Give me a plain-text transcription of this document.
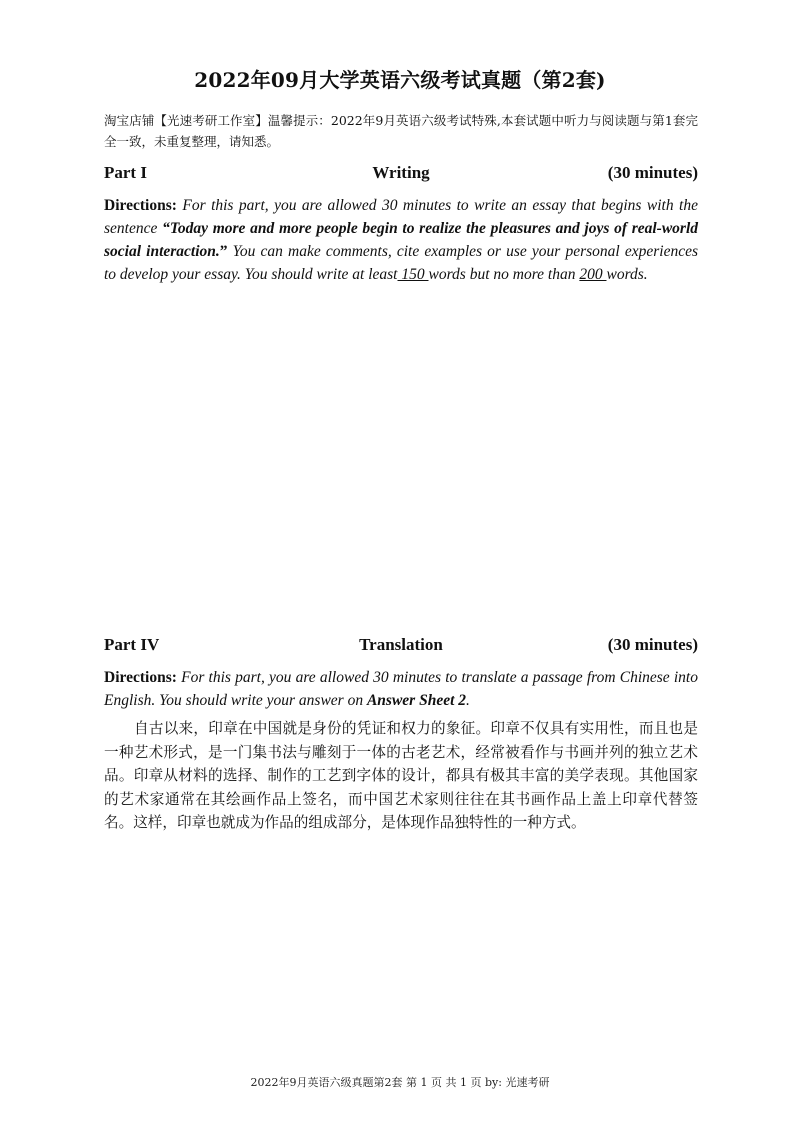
2022年09月大学英语六级考试真题（第2套)
淘宝店铺【光速考研工作室】温馨提示：2022年9月英语六级考试特殊,本套试题中听力与阅读题与第1套完全一致，未重复整理，请知悉。
Part I	Writing	(30 minutes)
Directions: For this part, you are allowed 30 minutes to write an essay that begins with the sentence “Today more and more people begin to realize the pleasures and joys of real-world social interaction.” You can make comments, cite examples or use your personal experiences to develop your essay. You should write at least 150 words but no more than 200 words.
Part IV	Translation	(30 minutes)
Directions: For this part, you are allowed 30 minutes to translate a passage from Chinese into English. You should write your answer on Answer Sheet 2.
自古以来，印章在中国就是身份的凭证和权力的象征。印章不仅具有实用性，而且也是一种艺术形式，是一门集书法与雕刻于一体的古老艺术，经常被看作与书画并列的独立艺术品。印章从材料的选择、制作的工艺到字体的设计，都具有极其丰富的美学表现。其他国家的艺术家通常在其绘画作品上签名，而中国艺术家则往往在其书画作品上盖上印章代替签名。这样，印章也就成为作品的组成部分，是体现作品独特性的一种方式。
2022年9月英语六级真题第2套 第 1 页 共 1 页 by: 光速考研
